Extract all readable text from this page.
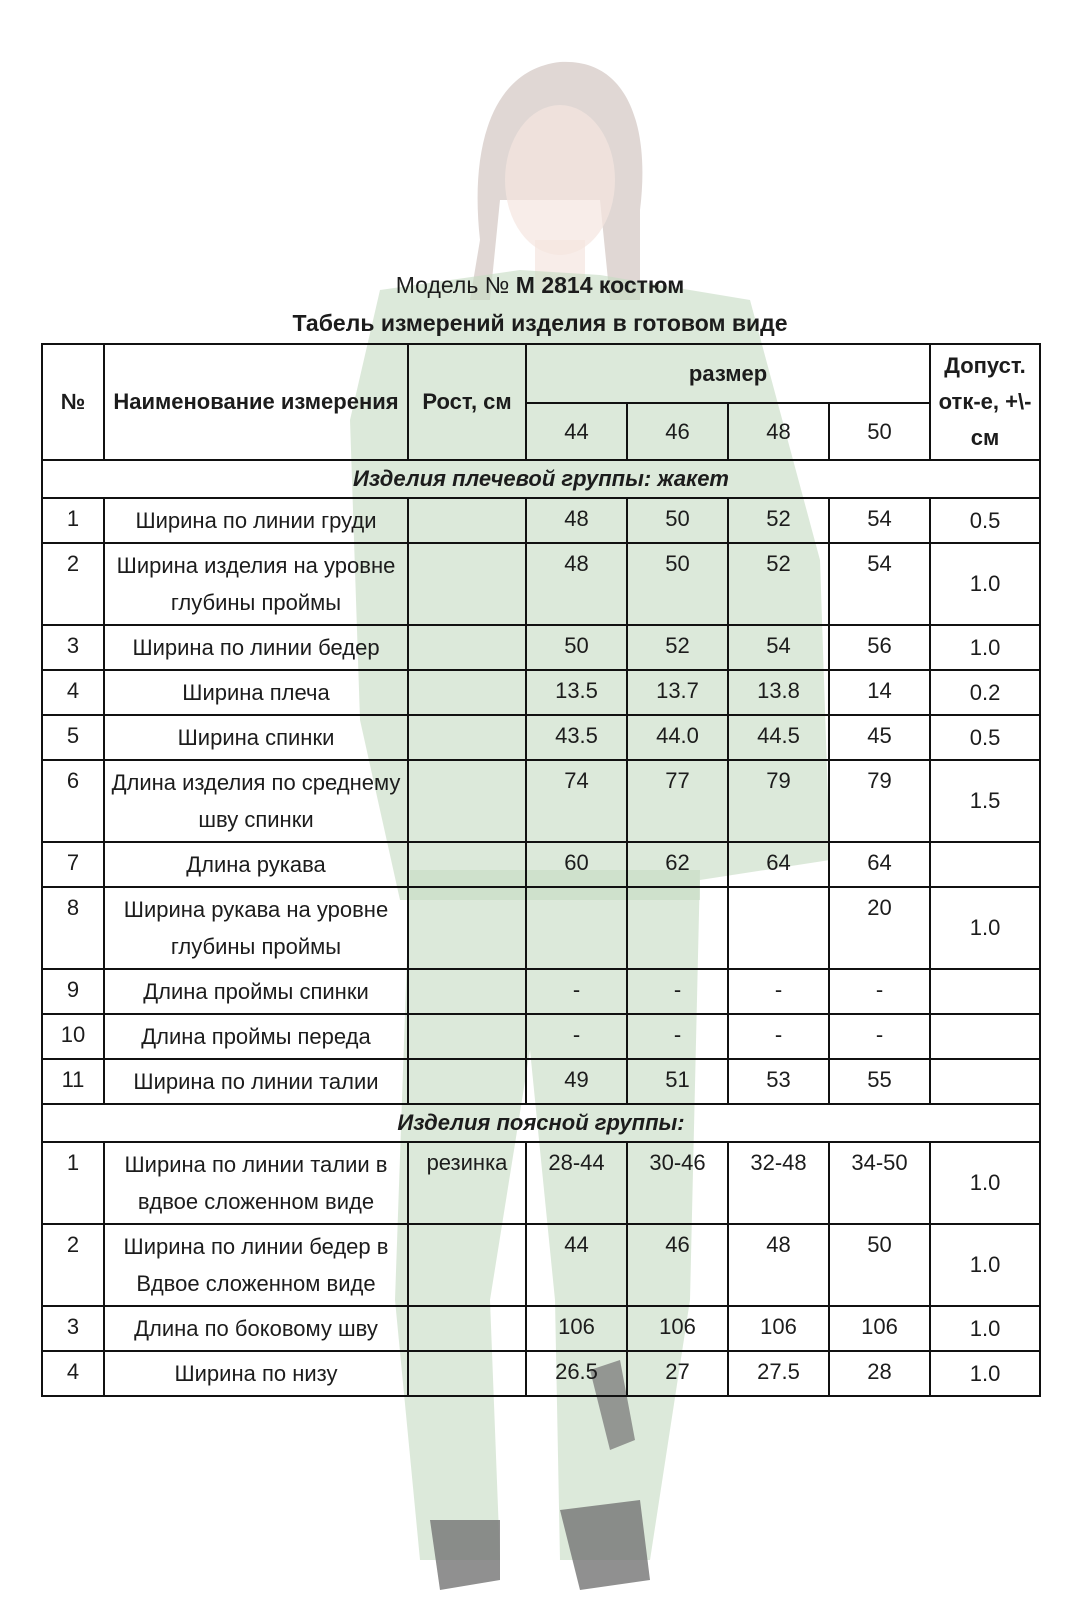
Модель № М 2814 костюм
Табель измерений изделия в готовом виде
№	Наименование измерения	Рост, см	размер				Допуст. отк-е, +\-см
			44	46	48	50	
Изделия плечевой группы: жакет							
1	Ширина по линии груди		48	50	52	54	0.5
2	Ширина изделия на уровне глубины проймы		48	50	52	54	1.0
3	Ширина по линии бедер		50	52	54	56	1.0
4	Ширина плеча		13.5	13.7	13.8	14	0.2
5	Ширина спинки		43.5	44.0	44.5	45	0.5
6	Длина изделия по среднему шву спинки		74	77	79	79	1.5
7	Длина рукава		60	62	64	64	
8	Ширина рукава на уровне глубины проймы					20	1.0
9	Длина проймы спинки		-	-	-	-	
10	Длина проймы переда		-	-	-	-	
11	Ширина по линии талии		49	51	53	55	
Изделия поясной группы:							
1	Ширина по линии талии в вдвое сложенном виде	резинка	28-44	30-46	32-48	34-50	1.0
2	Ширина по линии бедер в Вдвое сложенном виде		44	46	48	50	1.0
3	Длина по боковому шву		106	106	106	106	1.0
4	Ширина по низу		26.5	27	27.5	28	1.0
